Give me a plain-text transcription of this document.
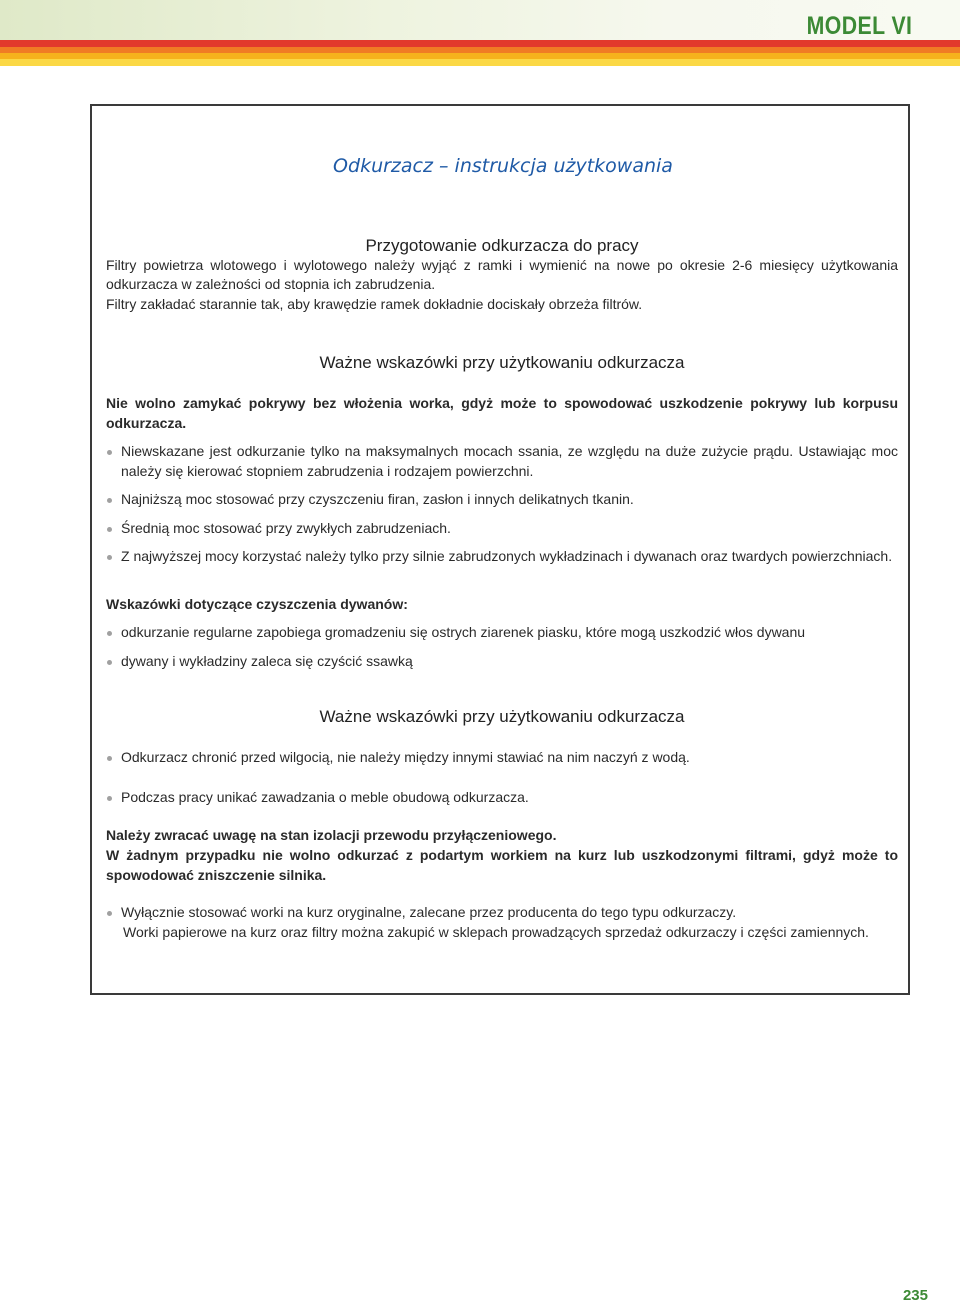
MODEL VI
Odkurzacz – instrukcja użytkowania
Przygotowanie odkurzacza do pracy
Filtry powietrza wlotowego i wylotowego należy wyjąć z ramki i wymienić na nowe po okresie 2-6 miesięcy użytkowania odkurzacza w zależności od stopnia ich zabrudzenia.
Filtry zakładać starannie tak, aby krawędzie ramek dokładnie dociskały obrzeża filtrów.
Ważne wskazówki przy użytkowaniu odkurzacza
Nie wolno zamykać pokrywy bez włożenia worka, gdyż może to spowodować uszkodzenie pokrywy lub korpusu odkurzacza.
Niewskazane jest odkurzanie tylko na maksymalnych mocach ssania, ze względu na duże zużycie prądu. Ustawiając moc należy się kierować stopniem zabrudzenia i rodzajem powierzchni.
Najniższą moc stosować przy czyszczeniu firan, zasłon i innych delikatnych tkanin.
Średnią moc stosować przy zwykłych zabrudzeniach.
Z najwyższej mocy korzystać należy tylko przy silnie zabrudzonych wykładzinach i dywanach oraz twardych powierzchniach.
Wskazówki dotyczące czyszczenia dywanów:
odkurzanie regularne zapobiega gromadzeniu się ostrych ziarenek piasku, które mogą uszkodzić włos dywanu
dywany i wykładziny zaleca się czyścić ssawką
Ważne wskazówki przy użytkowaniu odkurzacza
Odkurzacz chronić przed wilgocią, nie należy między innymi stawiać na nim naczyń z wodą.
Podczas pracy unikać zawadzania o meble obudową odkurzacza.
Należy zwracać uwagę na stan izolacji przewodu przyłączeniowego.
W żadnym przypadku nie wolno odkurzać z podartym workiem na kurz lub uszkodzonymi filtrami, gdyż może to spowodować zniszczenie silnika.
Wyłącznie stosować worki na kurz oryginalne, zalecane przez producenta do tego typu odkurzaczy.
Worki papierowe na kurz oraz filtry można zakupić w sklepach prowadzących sprzedaż odkurzaczy i części zamiennych.
235
